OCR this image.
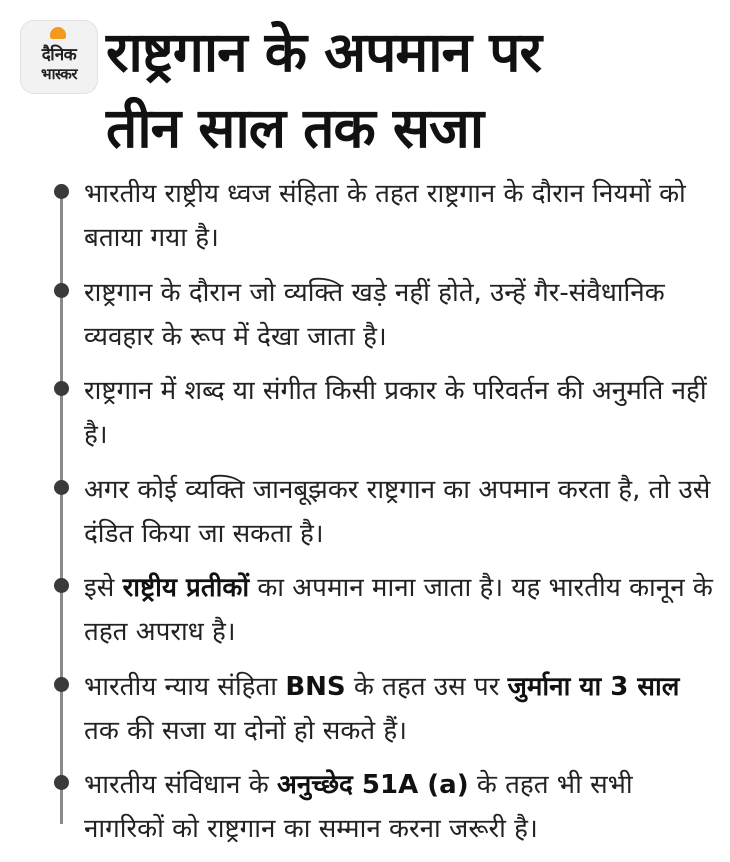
दैनिक
भास्कर राष्ट्रगान के अपमान पर
तीन साल तक सजा

भारतीय राष्ट्रीय ध्वज संहिता के तहत राष्ट्रगान के दौरान नियमों को बताया गया है।

राष्ट्रगान के दौरान जो व्यक्ति खड़े नहीं होते, उन्हें गैर-संवैधानिक व्यवहार के रूप में देखा जाता है।

राष्ट्रगान में शब्द या संगीत किसी प्रकार के परिवर्तन की अनुमति नहीं है।

अगर कोई व्यक्ति जानबूझकर राष्ट्रगान का अपमान करता है, तो उसे दंडित किया जा सकता है।

इसे राष्ट्रीय प्रतीकों का अपमान माना जाता है। यह भारतीय कानून के तहत अपराध है।

भारतीय न्याय संहिता BNS के तहत उस पर जुर्माना या 3 साल तक की सजा या दोनों हो सकते हैं।

भारतीय संविधान के अनुच्छेद 51A (a) के तहत भी सभी नागरिकों को राष्ट्रगान का सम्मान करना जरूरी है।
